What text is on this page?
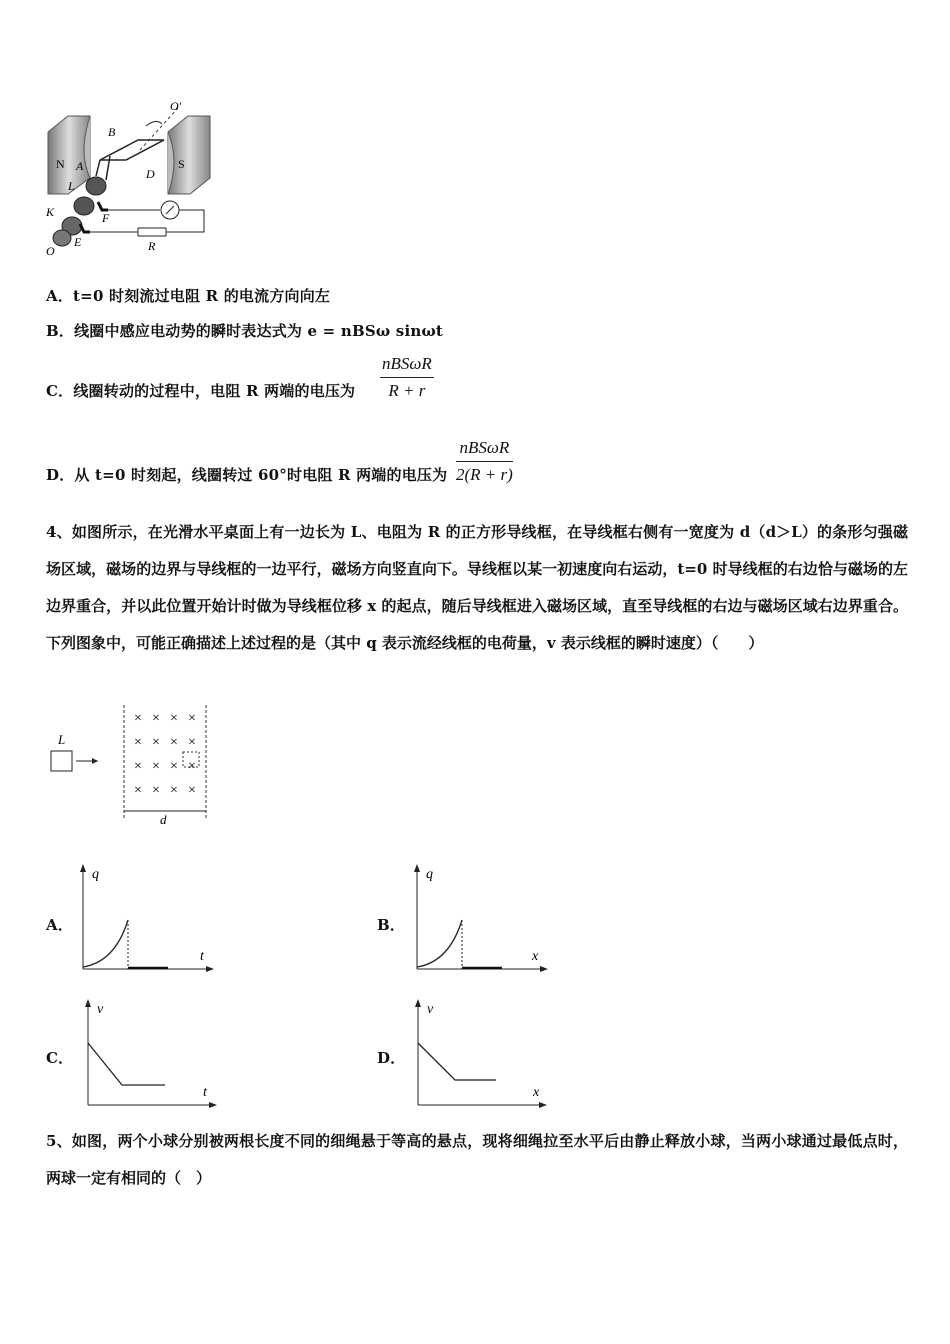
N	S
B
A
D
L
K	F
O
E	R
O′
A．t=0 时刻流过电阻 R 的电流方向向左
B．线圈中感应电动势的瞬时表达式为 e = nBSω sinωt
C．线圈转动的过程中，电阻 R 两端的电压为
nBSωR
R + r
D．从 t=0 时刻起，线圈转过 60°时电阻 R 两端的电压为
nBSωR
2(R + r)
4、如图所示，在光滑水平桌面上有一边长为 L、电阻为 R 的正方形导线框，在导线框右侧有一宽度为 d（d＞L）的条形匀强磁场区域，磁场的边界与导线框的一边平行，磁场方向竖直向下。导线框以某一初速度向右运动，t=0 时导线框的右边恰与磁场的左边界重合，并以此位置开始计时做为导线框位移 x 的起点，随后导线框进入磁场区域，直至导线框的右边与磁场区域右边界重合。下列图象中，可能正确描述上述过程的是（其中 q 表示流经线框的电荷量，v 表示线框的瞬时速度）（　　）
L
× × × ×
× × × ×
× × × ×
× × × ×
d
A．	B．
C．	D．
q
t
q
x
v
t
v
x
5、如图，两个小球分别被两根长度不同的细绳悬于等高的悬点，现将细绳拉至水平后由静止释放小球，当两小球通过最低点时，两球一定有相同的（　）
